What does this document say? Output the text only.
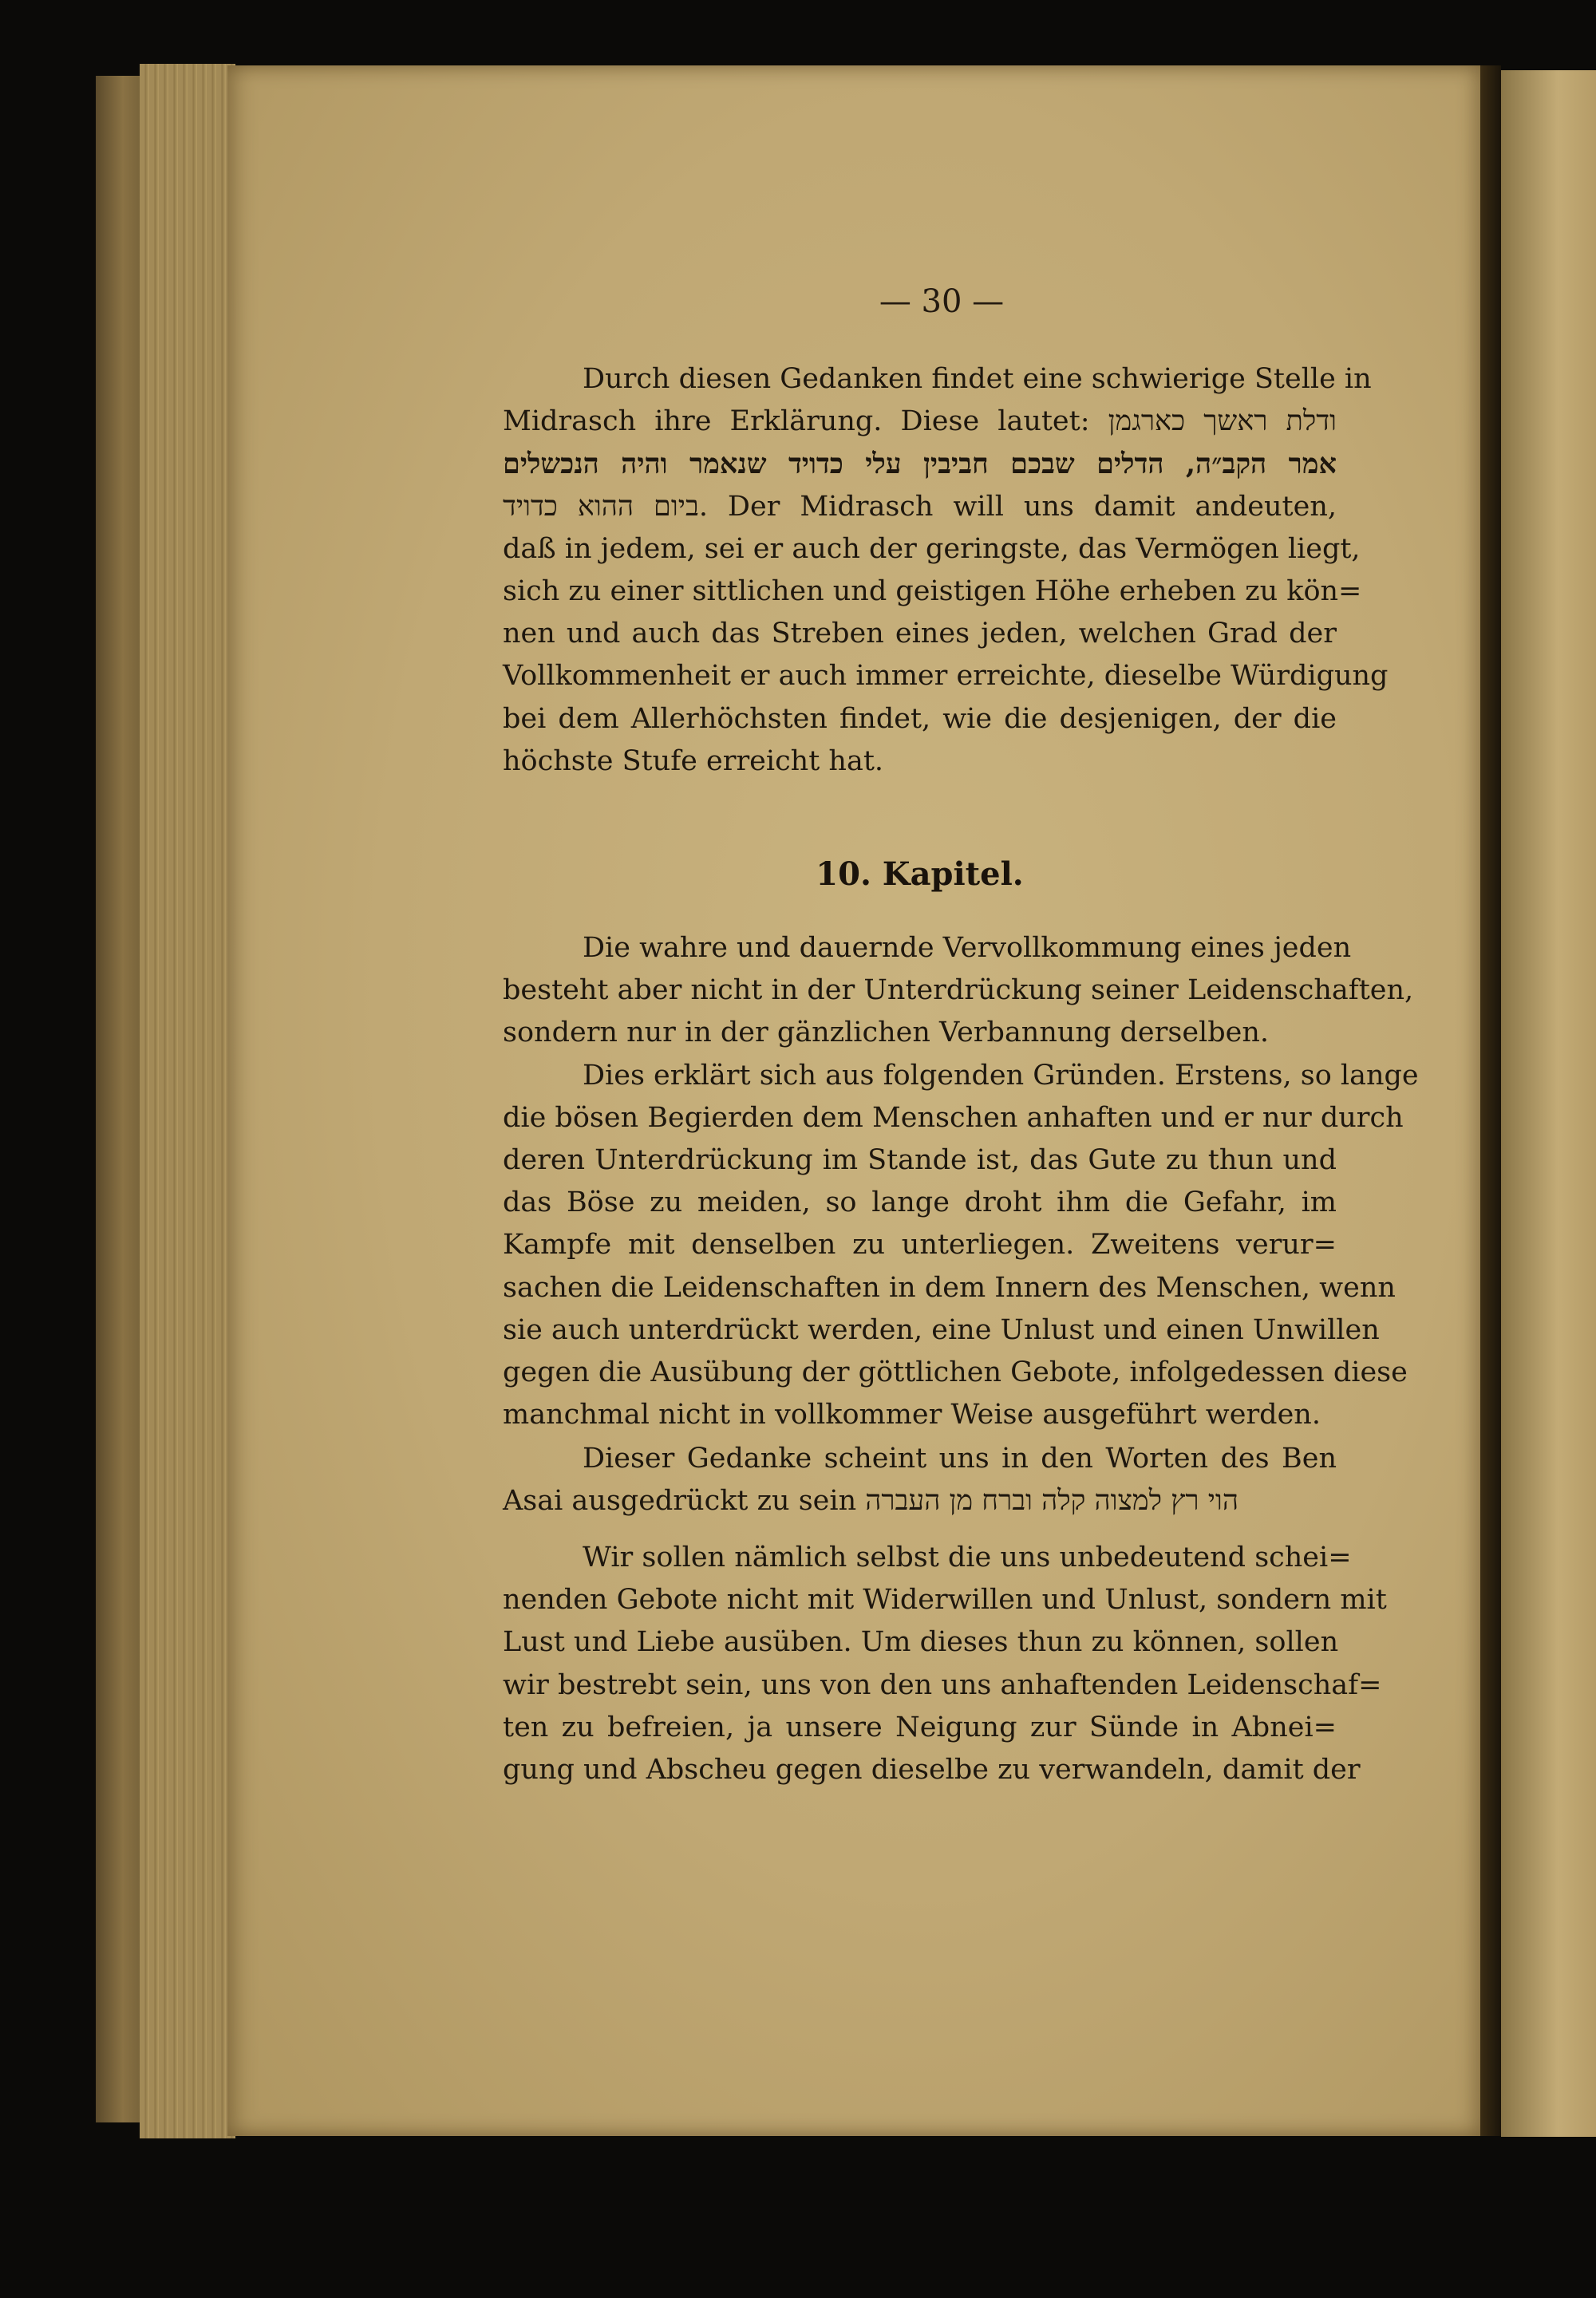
— 30 —
Durch diesen Gedanken findet eine schwierige Stelle in
Midrasch ihre Erklärung. Diese lautet: ודלת ראשך כארגמן
אמר הקב״ה, הדלים שבכם חביבין עלי כדויד שנאמר והיה הנכשלים
ביום ההוא כדויד. Der Midrasch will uns damit andeuten,
daß in jedem, sei er auch der geringste, das Vermögen liegt,
sich zu einer sittlichen und geistigen Höhe erheben zu kön=
nen und auch das Streben eines jeden, welchen Grad der
Vollkommenheit er auch immer erreichte, dieselbe Würdigung
bei dem Allerhöchsten findet, wie die desjenigen, der die
höchste Stufe erreicht hat.
10. Kapitel.
Die wahre und dauernde Vervollkommung eines jeden
besteht aber nicht in der Unterdrückung seiner Leidenschaften,
sondern nur in der gänzlichen Verbannung derselben.
Dies erklärt sich aus folgenden Gründen. Erstens, so lange
die bösen Begierden dem Menschen anhaften und er nur durch
deren Unterdrückung im Stande ist, das Gute zu thun und
das Böse zu meiden, so lange droht ihm die Gefahr, im
Kampfe mit denselben zu unterliegen. Zweitens verur=
sachen die Leidenschaften in dem Innern des Menschen, wenn
sie auch unterdrückt werden, eine Unlust und einen Unwillen
gegen die Ausübung der göttlichen Gebote, infolgedessen diese
manchmal nicht in vollkommer Weise ausgeführt werden.
Dieser Gedanke scheint uns in den Worten des Ben
Asai ausgedrückt zu sein הוי רץ למצוה קלה וברח מן העברה
Wir sollen nämlich selbst die uns unbedeutend schei=
nenden Gebote nicht mit Widerwillen und Unlust, sondern mit
Lust und Liebe ausüben. Um dieses thun zu können, sollen
wir bestrebt sein, uns von den uns anhaftenden Leidenschaf=
ten zu befreien, ja unsere Neigung zur Sünde in Abnei=
gung und Abscheu gegen dieselbe zu verwandeln, damit der
